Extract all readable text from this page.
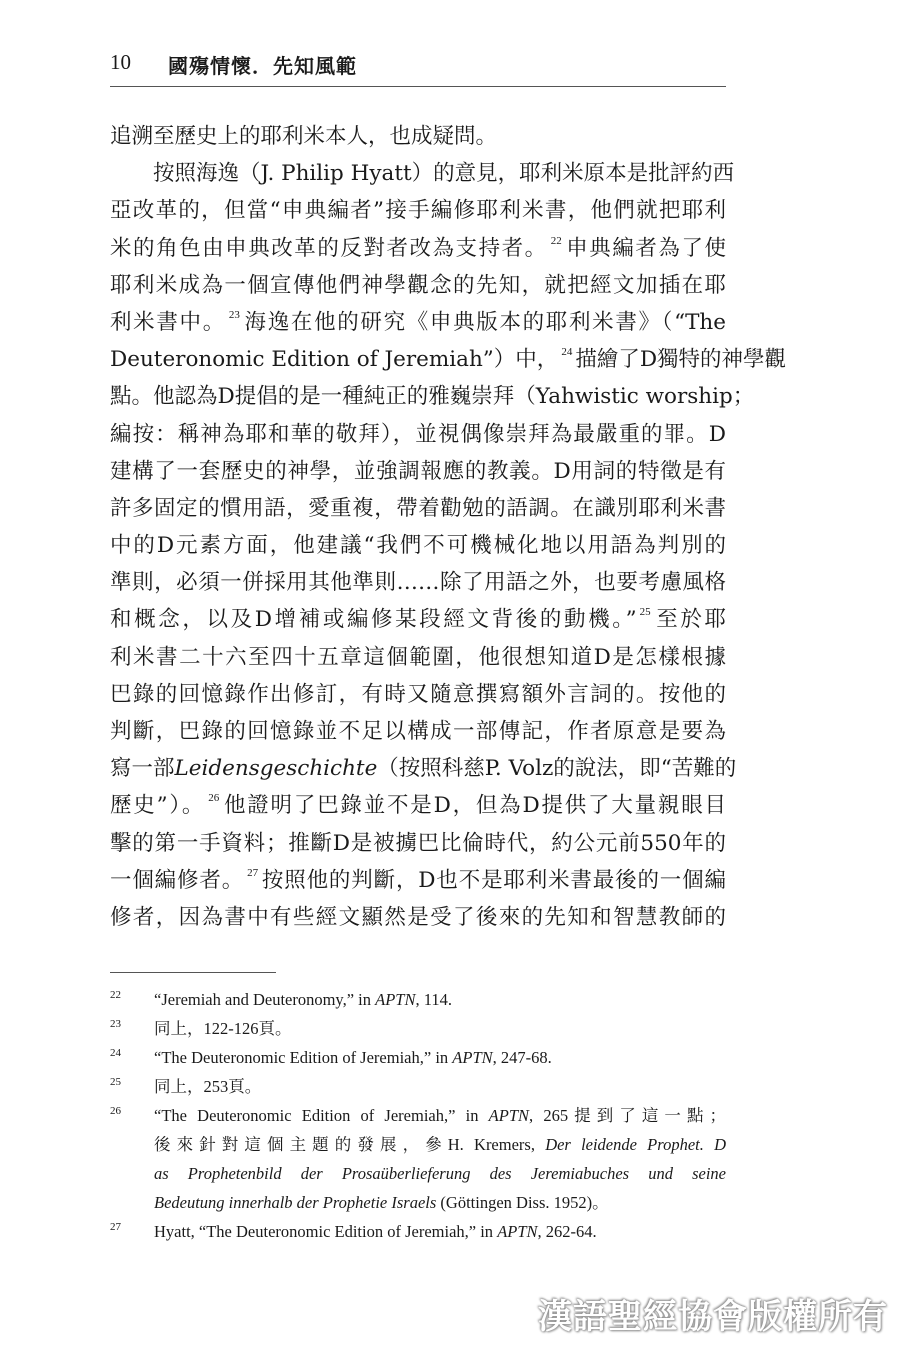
10 國殤情懷．先知風範
追溯至歷史上的耶利米本人，也成疑問。
按照海逸（J. Philip Hyatt）的意見，耶利米原本是批評約西
亞改革的，但當“申典編者”接手編修耶利米書，他們就把耶利
米的角色由申典改革的反對者改為支持者。 $^{22}$ 申典編者為了使
耶利米成為一個宣傳他們神學觀念的先知，就把經文加插在耶
利米書中。 $^{23}$ 海逸在他的研究《申典版本的耶利米書》（“The
Deuteronomic Edition of Jeremiah”）中， $^{24}$ 描繪了D獨特的神學觀
點。他認為D提倡的是一種純正的雅巍崇拜（Yahwistic worship；
編按：稱神為耶和華的敬拜），並視偶像崇拜為最嚴重的罪。D
建構了一套歷史的神學，並強調報應的教義。D用詞的特徵是有
許多固定的慣用語，愛重複，帶着勸勉的語調。在識別耶利米書
中的D元素方面，他建議“我們不可機械化地以用語為判別的
準則，必須一併採用其他準則……除了用語之外，也要考慮風格
和概念，以及D增補或編修某段經文背後的動機。” $^{25}$ 至於耶
利米書二十六至四十五章這個範圍，他很想知道D是怎樣根據
巴錄的回憶錄作出修訂，有時又隨意撰寫額外言詞的。按他的
判斷，巴錄的回憶錄並不足以構成一部傳記，作者原意是要為
寫一部Leidensgeschichte（按照科慈P. Volz的說法，即“苦難的
歷史”）。 $^{26}$ 他證明了巴錄並不是D，但為D提供了大量親眼目
擊的第一手資料；推斷D是被擄巴比倫時代，約公元前550年的
一個編修者。 $^{27}$ 按照他的判斷，D也不是耶利米書最後的一個編
修者，因為書中有些經文顯然是受了後來的先知和智慧教師的
22 “Jeremiah and Deuteronomy,” in APTN, 114.
23 同上，122-126頁。
24 “The Deuteronomic Edition of Jeremiah,” in APTN, 247-68.
25 同上，253頁。
26 “The Deuteronomic Edition of Jeremiah,” in APTN, 265提到了這一點；
後來針對這個主題的發展，參H. Kremers, Der leidende Prophet. D
as Prophetenbild der Prosaüberlieferung des Jeremiabuches und seine
Bedeutung innerhalb der Prophetie Israels (Göttingen Diss. 1952)。
27 Hyatt, “The Deuteronomic Edition of Jeremiah,” in APTN, 262-64.
漢語聖經協會版權所有
